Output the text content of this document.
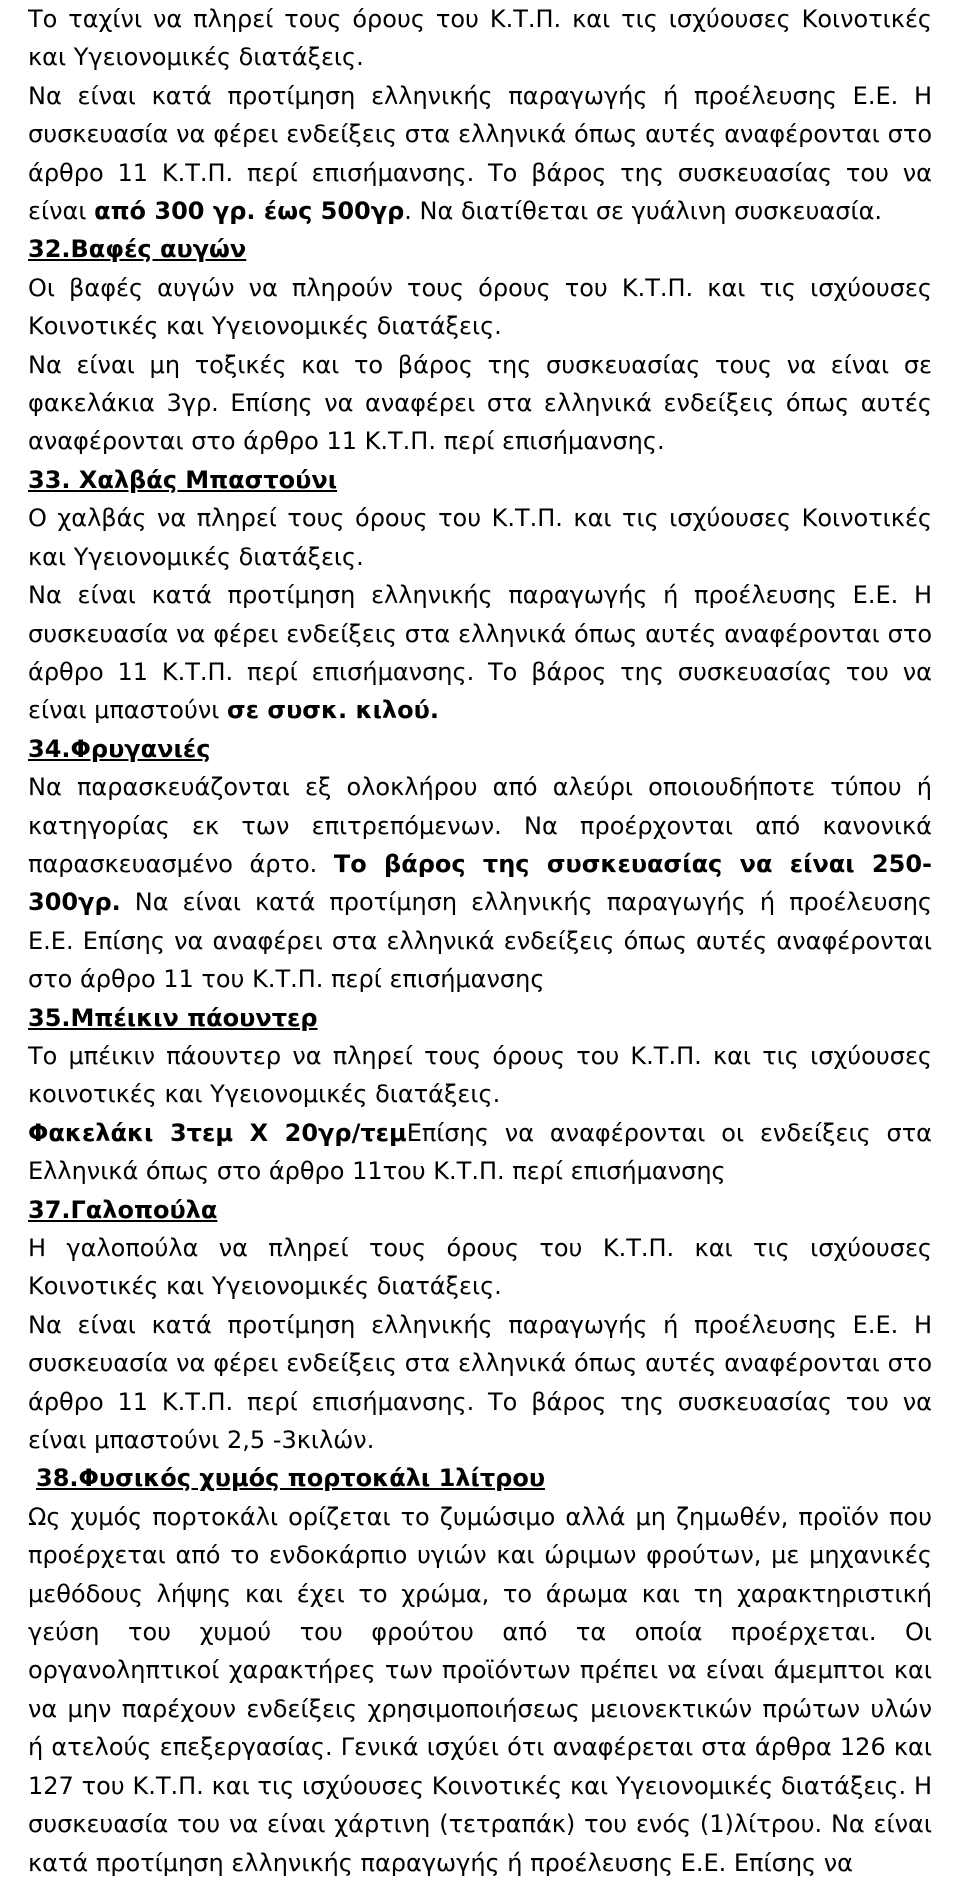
Το ταχίνι να πληρεί τους όρους του Κ.Τ.Π. και τις ισχύουσες Κοινοτικές και Υγειονομικές διατάξεις.

Να είναι κατά προτίμηση ελληνικής παραγωγής ή προέλευσης Ε.Ε. Η συσκευασία να φέρει ενδείξεις στα ελληνικά όπως αυτές αναφέρονται στο άρθρο 11 Κ.Τ.Π. περί επισήμανσης. Το βάρος της συσκευασίας του να είναι από 300 γρ. έως 500γρ. Να διατίθεται σε γυάλινη συσκευασία.

32.Βαφές αυγών

Οι βαφές αυγών να πληρούν τους όρους του Κ.Τ.Π. και τις ισχύουσες Κοινοτικές και Υγειονομικές διατάξεις.

Να είναι μη τοξικές και το βάρος της συσκευασίας τους να είναι σε φακελάκια 3γρ. Επίσης να αναφέρει στα ελληνικά ενδείξεις όπως αυτές αναφέρονται στο άρθρο 11 Κ.Τ.Π. περί επισήμανσης.

33. Χαλβάς Μπαστούνι

Ο χαλβάς να πληρεί τους όρους του Κ.Τ.Π. και τις ισχύουσες Κοινοτικές και Υγειονομικές διατάξεις.

Να είναι κατά προτίμηση ελληνικής παραγωγής ή προέλευσης Ε.Ε. Η συσκευασία να φέρει ενδείξεις στα ελληνικά όπως αυτές αναφέρονται στο άρθρο 11 Κ.Τ.Π. περί επισήμανσης. Το βάρος της συσκευασίας του να είναι μπαστούνι σε συσκ. κιλού.

34.Φρυγανιές

Να παρασκευάζονται εξ ολοκλήρου από αλεύρι οποιουδήποτε τύπου ή κατηγορίας εκ των επιτρεπόμενων. Να προέρχονται από κανονικά παρασκευασμένο άρτο. Το βάρος της συσκευασίας να είναι 250-300γρ. Να είναι κατά προτίμηση ελληνικής παραγωγής ή προέλευσης Ε.Ε. Επίσης να αναφέρει στα ελληνικά ενδείξεις όπως αυτές αναφέρονται στο άρθρο 11 του Κ.Τ.Π. περί επισήμανσης

35.Μπέικιν πάουντερ

Το μπέικιν πάουντερ να πληρεί τους όρους του Κ.Τ.Π. και τις ισχύουσες κοινοτικές και Υγειονομικές διατάξεις.

Φακελάκι 3τεμ Χ 20γρ/τεμΕπίσης να αναφέρονται οι ενδείξεις στα Ελληνικά όπως στο άρθρο 11του Κ.Τ.Π. περί επισήμανσης

37.Γαλοπούλα

Η γαλοπούλα να πληρεί τους όρους του Κ.Τ.Π. και τις ισχύουσες Κοινοτικές και Υγειονομικές διατάξεις.

Να είναι κατά προτίμηση ελληνικής παραγωγής ή προέλευσης Ε.Ε. Η συσκευασία να φέρει ενδείξεις στα ελληνικά όπως αυτές αναφέρονται στο άρθρο 11 Κ.Τ.Π. περί επισήμανσης. Το βάρος της συσκευασίας του να είναι μπαστούνι 2,5 -3κιλών.

38.Φυσικός χυμός πορτοκάλι 1λίτρου

Ως χυμός πορτοκάλι ορίζεται το ζυμώσιμο αλλά μη ζημωθέν, προϊόν που προέρχεται από το ενδοκάρπιο υγιών και ώριμων φρούτων, με μηχανικές μεθόδους λήψης και έχει το χρώμα, το άρωμα και τη χαρακτηριστική γεύση του χυμού του φρούτου από τα οποία προέρχεται. Οι οργανοληπτικοί χαρακτήρες των προϊόντων πρέπει να είναι άμεμπτοι και να μην παρέχουν ενδείξεις χρησιμοποιήσεως μειονεκτικών πρώτων υλών ή ατελούς επεξεργασίας. Γενικά ισχύει ότι αναφέρεται στα άρθρα 126 και 127 του Κ.Τ.Π. και τις ισχύουσες Κοινοτικές και Υγειονομικές διατάξεις. Η συσκευασία του να είναι χάρτινη (τετραπάκ) του ενός (1)λίτρου. Να είναι κατά προτίμηση ελληνικής παραγωγής ή προέλευσης Ε.Ε. Επίσης να
